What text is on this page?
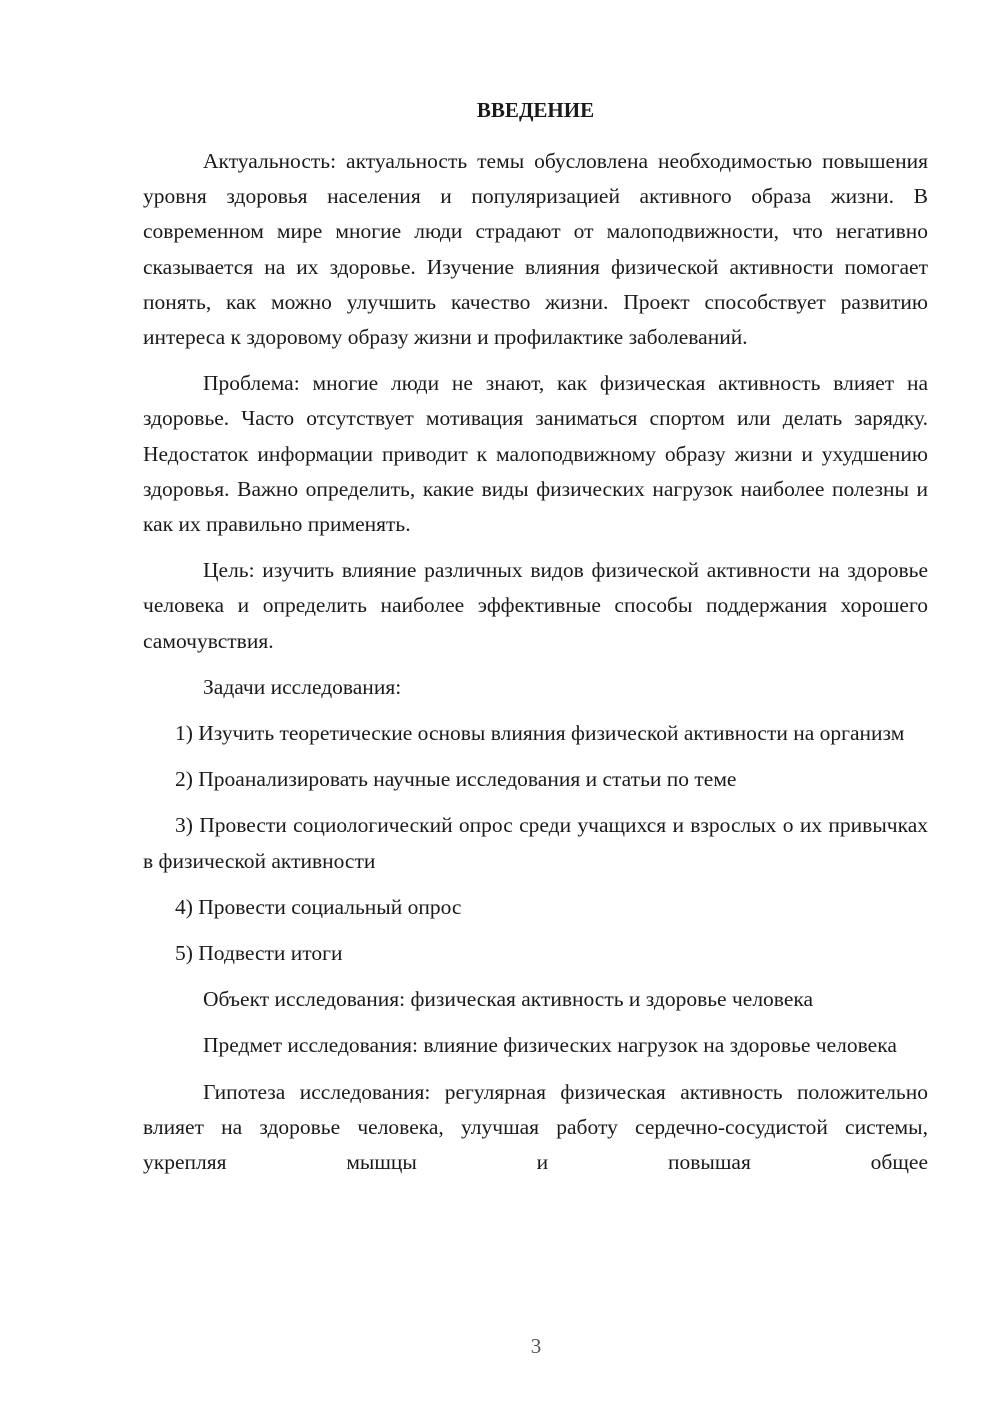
ВВЕДЕНИЕ

Актуальность: актуальность темы обусловлена необходимостью повышения уровня здоровья населения и популяризацией активного образа жизни. В современном мире многие люди страдают от малоподвижности, что негативно сказывается на их здоровье. Изучение влияния физической активности помогает понять, как можно улучшить качество жизни. Проект способствует развитию интереса к здоровому образу жизни и профилактике заболеваний.

Проблема: многие люди не знают, как физическая активность влияет на здоровье. Часто отсутствует мотивация заниматься спортом или делать зарядку. Недостаток информации приводит к малоподвижному образу жизни и ухудшению здоровья. Важно определить, какие виды физических нагрузок наиболее полезны и как их правильно применять.

Цель: изучить влияние различных видов физической активности на здоровье человека и определить наиболее эффективные способы поддержания хорошего самочувствия.

Задачи исследования:

1) Изучить теоретические основы влияния физической активности на организм

2) Проанализировать научные исследования и статьи по теме

3) Провести социологический опрос среди учащихся и взрослых о их привычках в физической активности

4) Провести социальный опрос

5) Подвести итоги

Объект исследования: физическая активность и здоровье человека

Предмет исследования: влияние физических нагрузок на здоровье человека

Гипотеза исследования: регулярная физическая активность положительно влияет на здоровье человека, улучшая работу сердечно-сосудистой системы, укрепляя мышцы и повышая общее

3
